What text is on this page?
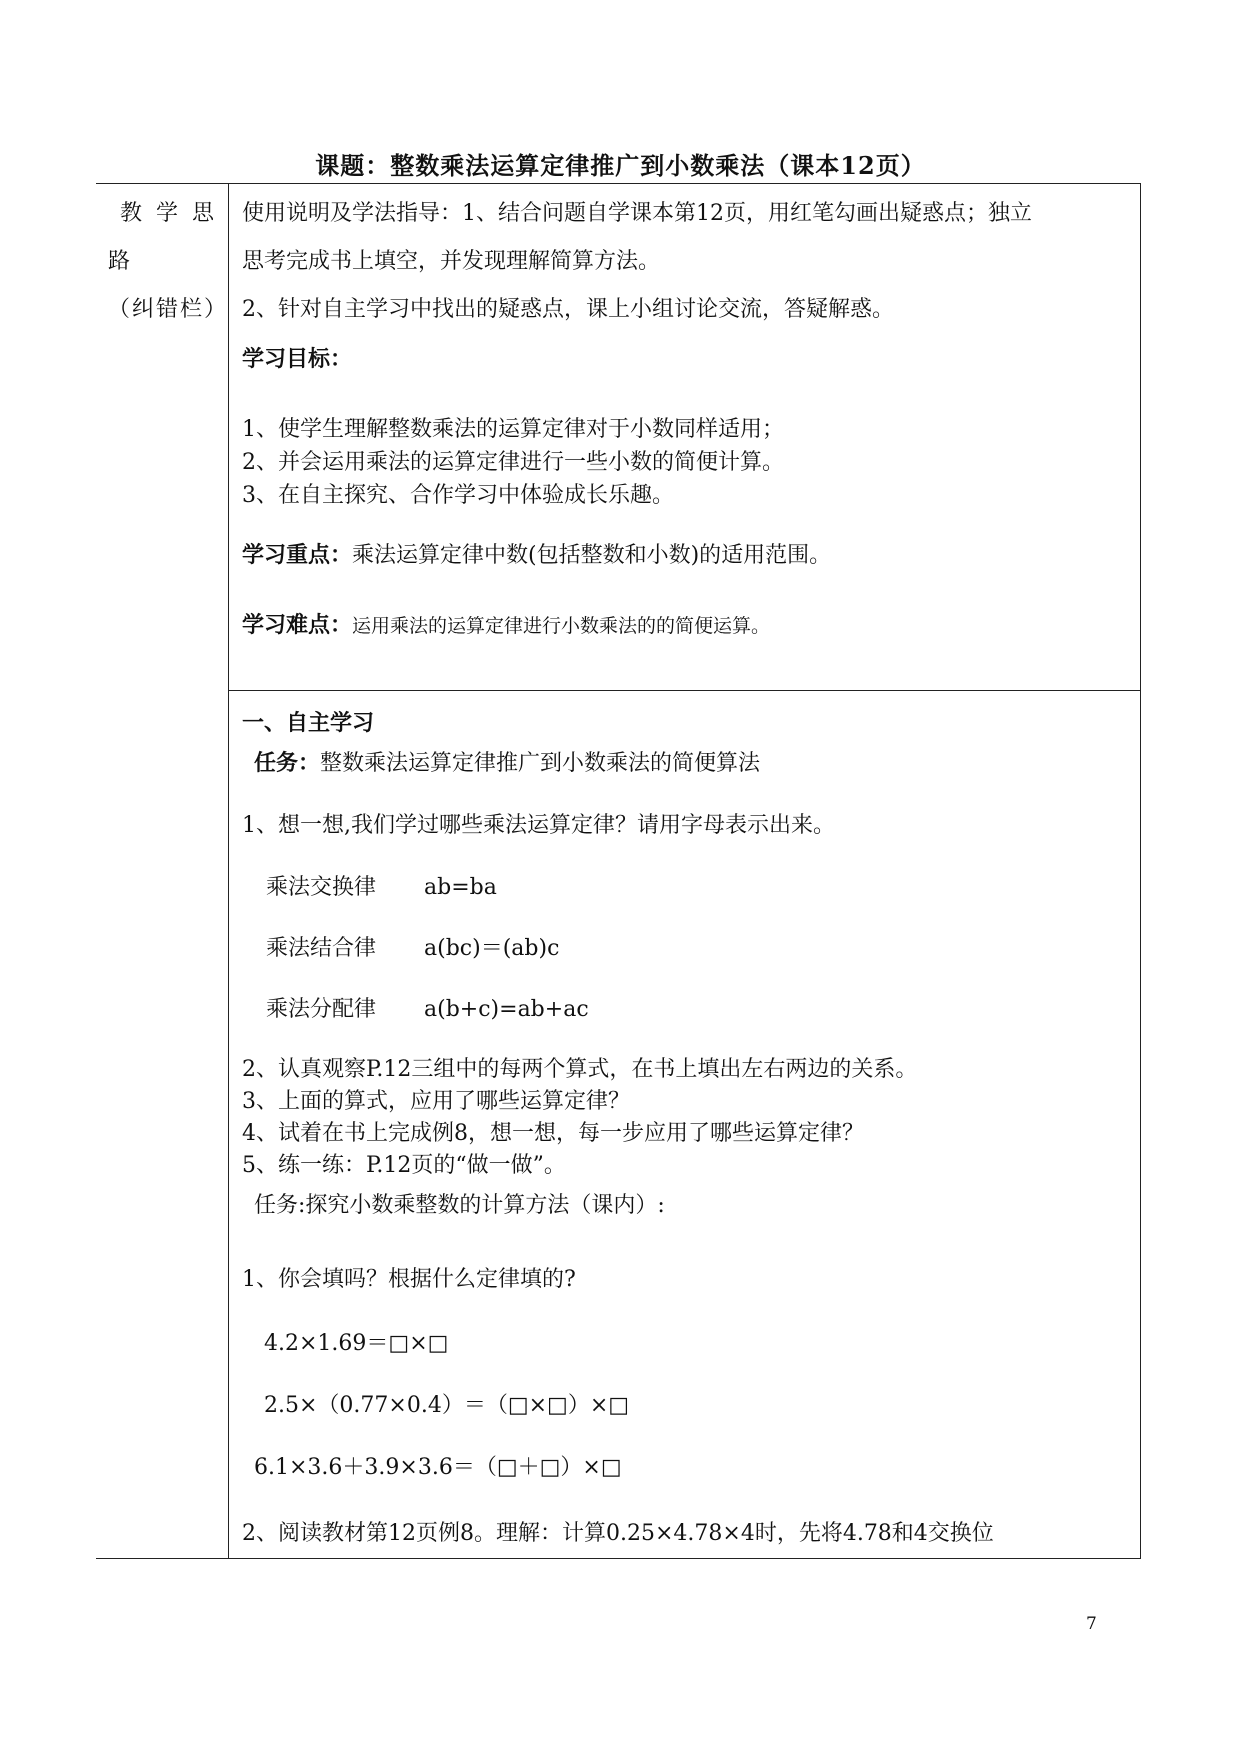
课题：整数乘法运算定律推广到小数乘法（课本12页）
教学思
路
（纠错栏）
使用说明及学法指导：1、结合问题自学课本第12页，用红笔勾画出疑惑点；独立
思考完成书上填空，并发现理解简算方法。
2、针对自主学习中找出的疑惑点，课上小组讨论交流，答疑解惑。
学习目标：
1、使学生理解整数乘法的运算定律对于小数同样适用；
2、并会运用乘法的运算定律进行一些小数的简便计算。
3、在自主探究、合作学习中体验成长乐趣。
学习重点：乘法运算定律中数(包括整数和小数)的适用范围。
学习难点：运用乘法的运算定律进行小数乘法的的简便运算。
一、自主学习
任务：整数乘法运算定律推广到小数乘法的简便算法
1、想一想,我们学过哪些乘法运算定律？请用字母表示出来。
乘法交换律 ab=ba
乘法结合律 a(bc)＝(ab)c
乘法分配律 a(b+c)=ab+ac
2、认真观察P.12三组中的每两个算式，在书上填出左右两边的关系。
3、上面的算式，应用了哪些运算定律？
4、试着在书上完成例8，想一想，每一步应用了哪些运算定律？
5、练一练：P.12页的“做一做”。
任务:探究小数乘整数的计算方法（课内）:
1、你会填吗？根据什么定律填的?
4.2×1.69＝□×□
2.5×（0.77×0.4）＝（□×□）×□
6.1×3.6＋3.9×3.6＝（□＋□）×□
2、阅读教材第12页例8。理解：计算0.25×4.78×4时，先将4.78和4交换位
7
